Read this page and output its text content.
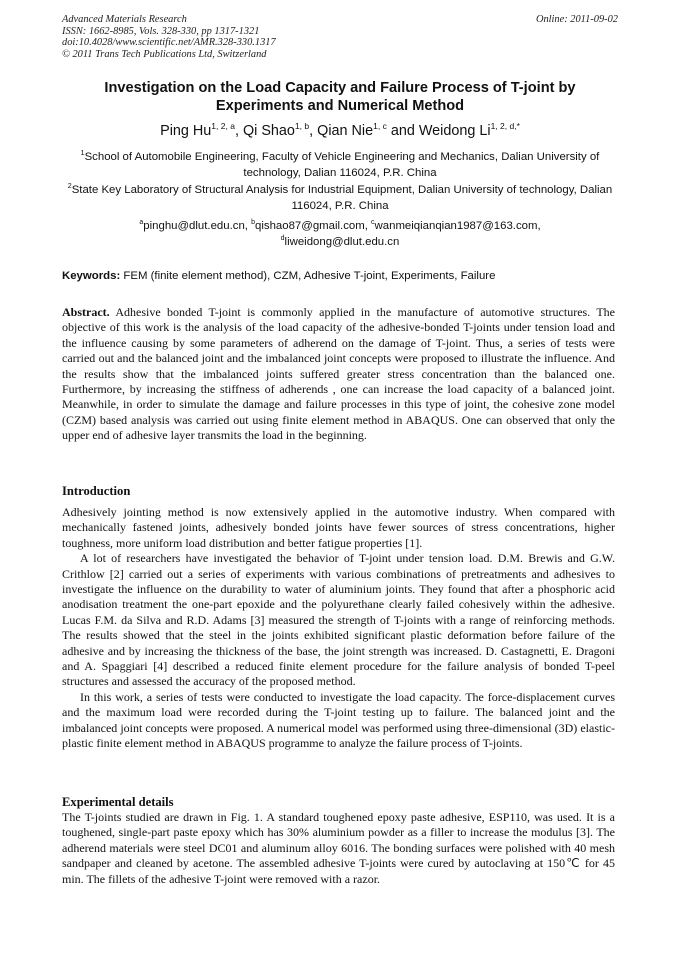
Advanced Materials Research
ISSN: 1662-8985, Vols. 328-330, pp 1317-1321
doi:10.4028/www.scientific.net/AMR.328-330.1317
© 2011 Trans Tech Publications Ltd, Switzerland
Online: 2011-09-02
Investigation on the Load Capacity and Failure Process of T-joint by Experiments and Numerical Method
Ping Hu$^{1, 2, a}$, Qi Shao$^{1, b}$, Qian Nie$^{1, c}$ and Weidong $Li^{1, 2, d,*}$
$^1$School of Automobile Engineering, Faculty of Vehicle Engineering and Mechanics, Dalian University of technology, Dalian 116024, P.R. China
$^2$State Key Laboratory of Structural Analysis for Industrial Equipment, Dalian University of technology, Dalian 116024, P.R. China
$^a$pinghu@dlut.edu.cn, $^b$qishao87@gmail.com, $^c$wanmeiqianqian1987@163.com,
$^d$liweidong@dlut.edu.cn
Keywords: FEM (finite element method), CZM, Adhesive T-joint, Experiments, Failure
Abstract. Adhesive bonded T-joint is commonly applied in the manufacture of automotive structures. The objective of this work is the analysis of the load capacity of the adhesive-bonded T-joints under tension load and the influence causing by some parameters of adherend on the damage of T-joint. Thus, a series of tests were carried out and the balanced joint and the imbalanced joint concepts were proposed to illustrate the influence. And the results show that the imbalanced joints suffered greater stress concentration than the balanced one. Furthermore, by increasing the stiffness of adherends , one can increase the load capacity of a balanced joint. Meanwhile, in order to simulate the damage and failure processes in this type of joint, the cohesive zone model (CZM) based analysis was carried out using finite element method in ABAQUS. One can observed that only the upper end of adhesive layer transmits the load in the beginning.
Introduction

Adhesively jointing method is now extensively applied in the automotive industry. When compared with mechanically fastened joints, adhesively bonded joints have fewer sources of stress concentrations, higher toughness, more uniform load distribution and better fatigue properties [1].

A lot of researchers have investigated the behavior of T-joint under tension load. D.M. Brewis and G.W. Crithlow [2] carried out a series of experiments with various combinations of pretreatments and adhesives to investigate the influence on the durability to water of aluminium joints. They found that after a phosphoric acid anodisation treatment the one-part epoxide and the polyurethane clearly failed cohesively within the adhesive. Lucas F.M. da Silva and R.D. Adams [3] measured the strength of T-joints with a range of reinforcing methods. The results showed that the steel in the joints exhibited significant plastic deformation before failure of the adhesive and by increasing the thickness of the base, the joint strength was increased. D. Castagnetti, E. Dragoni and A. Spaggiari [4] described a reduced finite element procedure for the failure analysis of bonded T-peel structures and assessed the accuracy of the proposed method.

In this work, a series of tests were conducted to investigate the load capacity. The force-displacement curves and the maximum load were recorded during the T-joint testing up to failure. The balanced joint and the imbalanced joint concepts were proposed. A numerical model was performed using three-dimensional (3D) elastic-plastic finite element method in ABAQUS programme to analyze the failure process of T-joints.

Experimental details

The T-joints studied are drawn in Fig. 1. A standard toughened epoxy paste adhesive, ESP110, was used. It is a toughened, single-part paste epoxy which has 30% aluminium powder as a filler to increase the modulus [3]. The adherend materials were steel DC01 and aluminum alloy 6016. The bonding surfaces were polished with 40 mesh sandpaper and cleaned by acetone. The assembled adhesive T-joints were cured by autoclaving at 150℃ for 45 min. The fillets of the adhesive T-joint were removed with a razor.
